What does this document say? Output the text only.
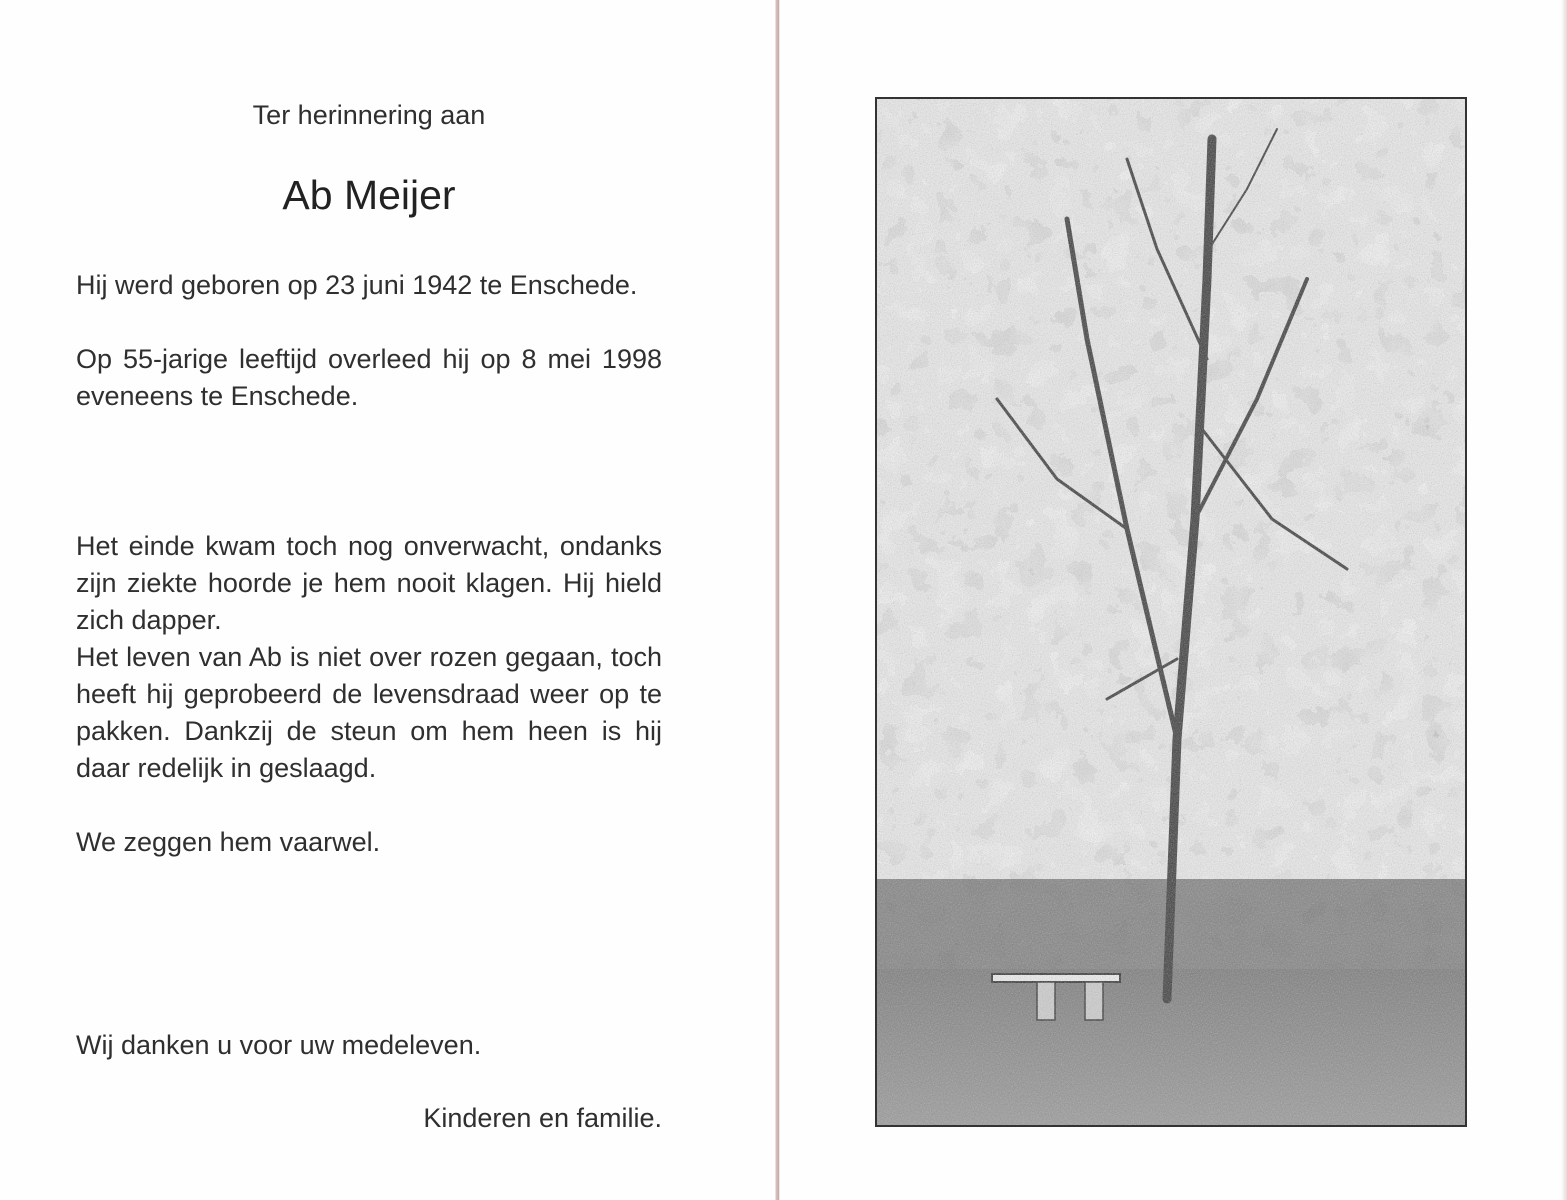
Ter herinnering aan
Ab Meijer
Hij werd geboren op 23 juni 1942 te Enschede.
Op 55-jarige leeftijd overleed hij op 8 mei 1998 eveneens te Enschede.
Het einde kwam toch nog onverwacht, ondanks zijn ziekte hoorde je hem nooit klagen. Hij hield zich dapper.
Het leven van Ab is niet over rozen gegaan, toch heeft hij geprobeerd de levensdraad weer op te pakken. Dankzij de steun om hem heen is hij daar redelijk in geslaagd.
We zeggen hem vaarwel.
Wij danken u voor uw medeleven.
Kinderen en familie.
